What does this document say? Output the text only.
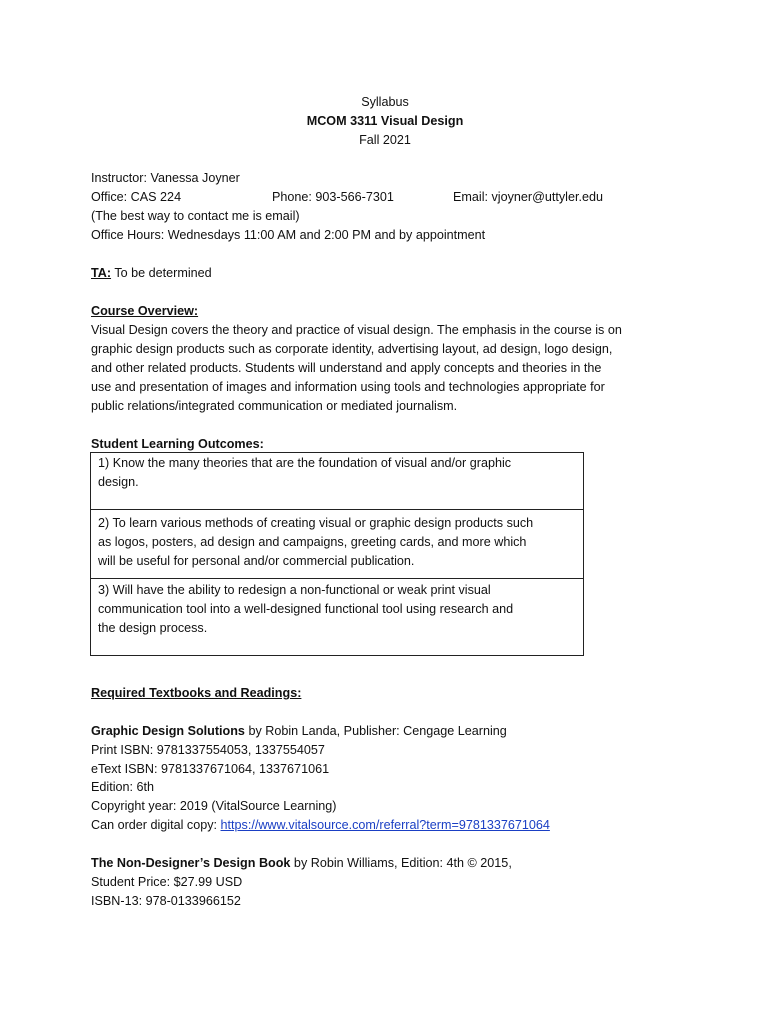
Syllabus
MCOM 3311 Visual Design
Fall 2021
Instructor: Vanessa Joyner
Office: CAS 224	Phone: 903-566-7301	Email: vjoyner@uttyler.edu
(The best way to contact me is email)
Office Hours: Wednesdays 11:00 AM and 2:00 PM and by appointment
TA: To be determined
Course Overview:
Visual Design covers the theory and practice of visual design. The emphasis in the course is on
graphic design products such as corporate identity, advertising layout, ad design, logo design,
and other related products. Students will understand and apply concepts and theories in the
use and presentation of images and information using tools and technologies appropriate for
public relations/integrated communication or mediated journalism.
Student Learning Outcomes:
1) Know the many theories that are the foundation of visual and/or graphic
design.

2) To learn various methods of creating visual or graphic design products such
as logos, posters, ad design and campaigns, greeting cards, and more which
will be useful for personal and/or commercial publication.

3) Will have the ability to redesign a non-functional or weak print visual
communication tool into a well-designed functional tool using research and
the design process.
Required Textbooks and Readings:
Graphic Design Solutions by Robin Landa, Publisher: Cengage Learning
Print ISBN: 9781337554053, 1337554057
eText ISBN: 9781337671064, 1337671061
Edition: 6th
Copyright year: 2019 (VitalSource Learning)
Can order digital copy: https://www.vitalsource.com/referral?term=9781337671064
The Non-Designer’s Design Book by Robin Williams, Edition: 4th © 2015,
Student Price: $27.99 USD
ISBN-13: 978-0133966152
